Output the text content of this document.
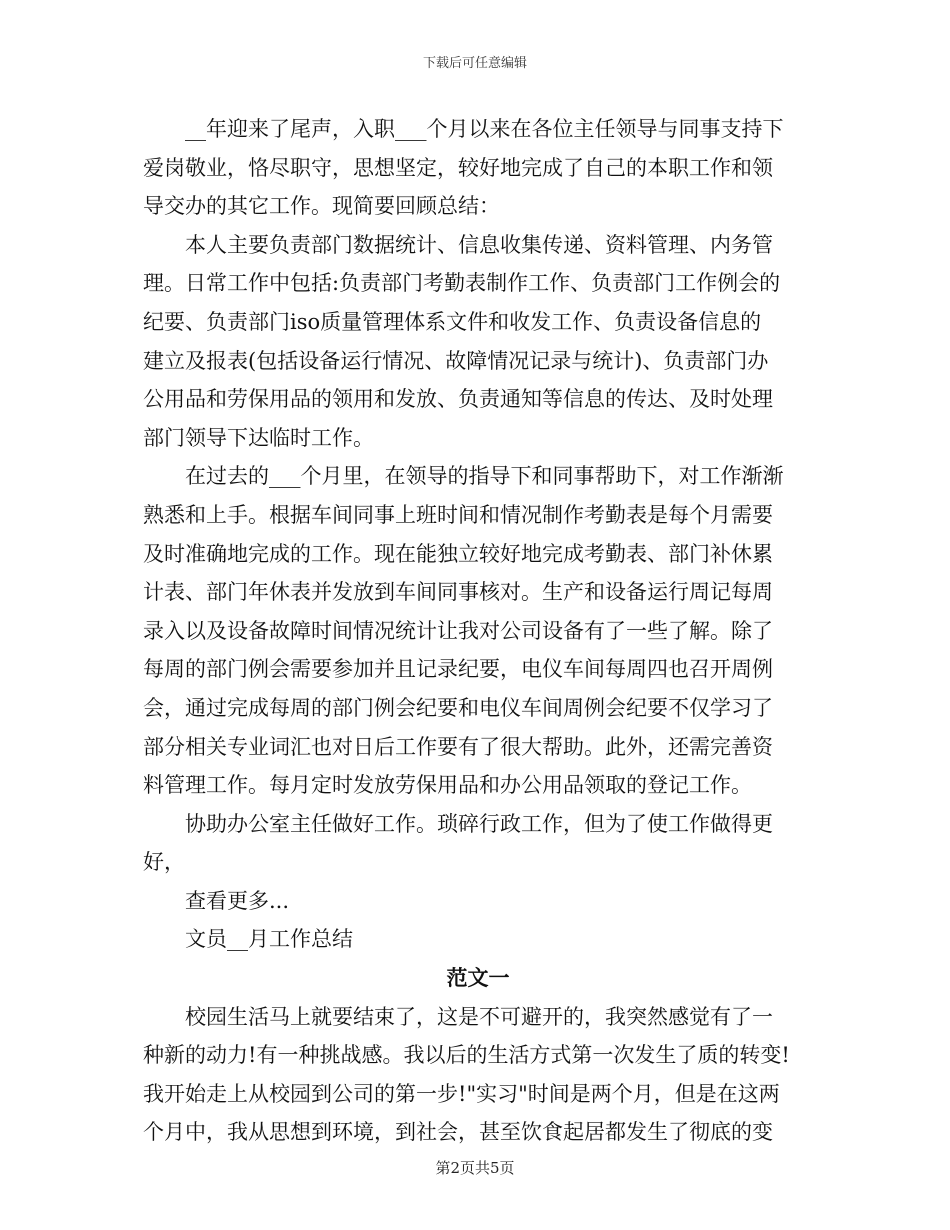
下载后可任意编辑

__年迎来了尾声，入职___个月以来在各位主任领导与同事支持下

爱岗敬业，恪尽职守，思想坚定，较好地完成了自己的本职工作和领

导交办的其它工作。现简要回顾总结：

本人主要负责部门数据统计、信息收集传递、资料管理、内务管

理。日常工作中包括:负责部门考勤表制作工作、负责部门工作例会的

纪要、负责部门iso质量管理体系文件和收发工作、负责设备信息的

建立及报表(包括设备运行情况、故障情况记录与统计)、负责部门办

公用品和劳保用品的领用和发放、负责通知等信息的传达、及时处理

部门领导下达临时工作。

在过去的___个月里，在领导的指导下和同事帮助下，对工作渐渐

熟悉和上手。根据车间同事上班时间和情况制作考勤表是每个月需要

及时准确地完成的工作。现在能独立较好地完成考勤表、部门补休累

计表、部门年休表并发放到车间同事核对。生产和设备运行周记每周

录入以及设备故障时间情况统计让我对公司设备有了一些了解。除了

每周的部门例会需要参加并且记录纪要，电仪车间每周四也召开周例

会，通过完成每周的部门例会纪要和电仪车间周例会纪要不仅学习了

部分相关专业词汇也对日后工作要有了很大帮助。此外，还需完善资

料管理工作。每月定时发放劳保用品和办公用品领取的登记工作。

协助办公室主任做好工作。琐碎行政工作，但为了使工作做得更

好，

查看更多...

文员__月工作总结

范文一

校园生活马上就要结束了，这是不可避开的，我突然感觉有了一

种新的动力!有一种挑战感。我以后的生活方式第一次发生了质的转变!

我开始走上从校园到公司的第一步!"实习"时间是两个月，但是在这两

个月中，我从思想到环境，到社会，甚至饮食起居都发生了彻底的变

第2页共5页
